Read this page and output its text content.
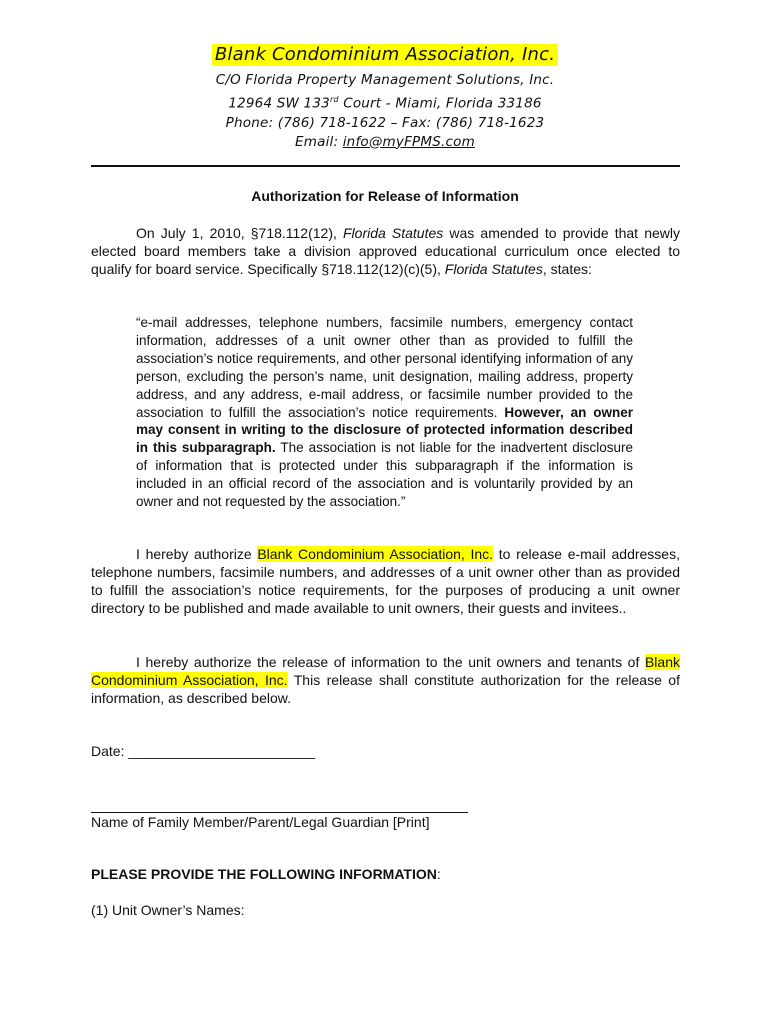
Blank Condominium Association, Inc.
C/O Florida Property Management Solutions, Inc.
12964 SW 133rd Court - Miami, Florida 33186
Phone: (786) 718-1622 – Fax: (786) 718-1623
Email: info@myFPMS.com
Authorization for Release of Information
On July 1, 2010, §718.112(12), Florida Statutes was amended to provide that newly elected board members take a division approved educational curriculum once elected to qualify for board service. Specifically §718.112(12)(c)(5), Florida Statutes, states:
“e-mail addresses, telephone numbers, facsimile numbers, emergency contact information, addresses of a unit owner other than as provided to fulfill the association’s notice requirements, and other personal identifying information of any person, excluding the person’s name, unit designation, mailing address, property address, and any address, e-mail address, or facsimile number provided to the association to fulfill the association’s notice requirements. However, an owner may consent in writing to the disclosure of protected information described in this subparagraph. The association is not liable for the inadvertent disclosure of information that is protected under this subparagraph if the information is included in an official record of the association and is voluntarily provided by an owner and not requested by the association.”
I hereby authorize Blank Condominium Association, Inc. to release e-mail addresses, telephone numbers, facsimile numbers, and addresses of a unit owner other than as provided to fulfill the association’s notice requirements, for the purposes of producing a unit owner directory to be published and made available to unit owners, their guests and invitees..
I hereby authorize the release of information to the unit owners and tenants of Blank Condominium Association, Inc. This release shall constitute authorization for the release of information, as described below.
Date: ________________________
Name of Family Member/Parent/Legal Guardian [Print]
PLEASE PROVIDE THE FOLLOWING INFORMATION:
(1) Unit Owner’s Names:
